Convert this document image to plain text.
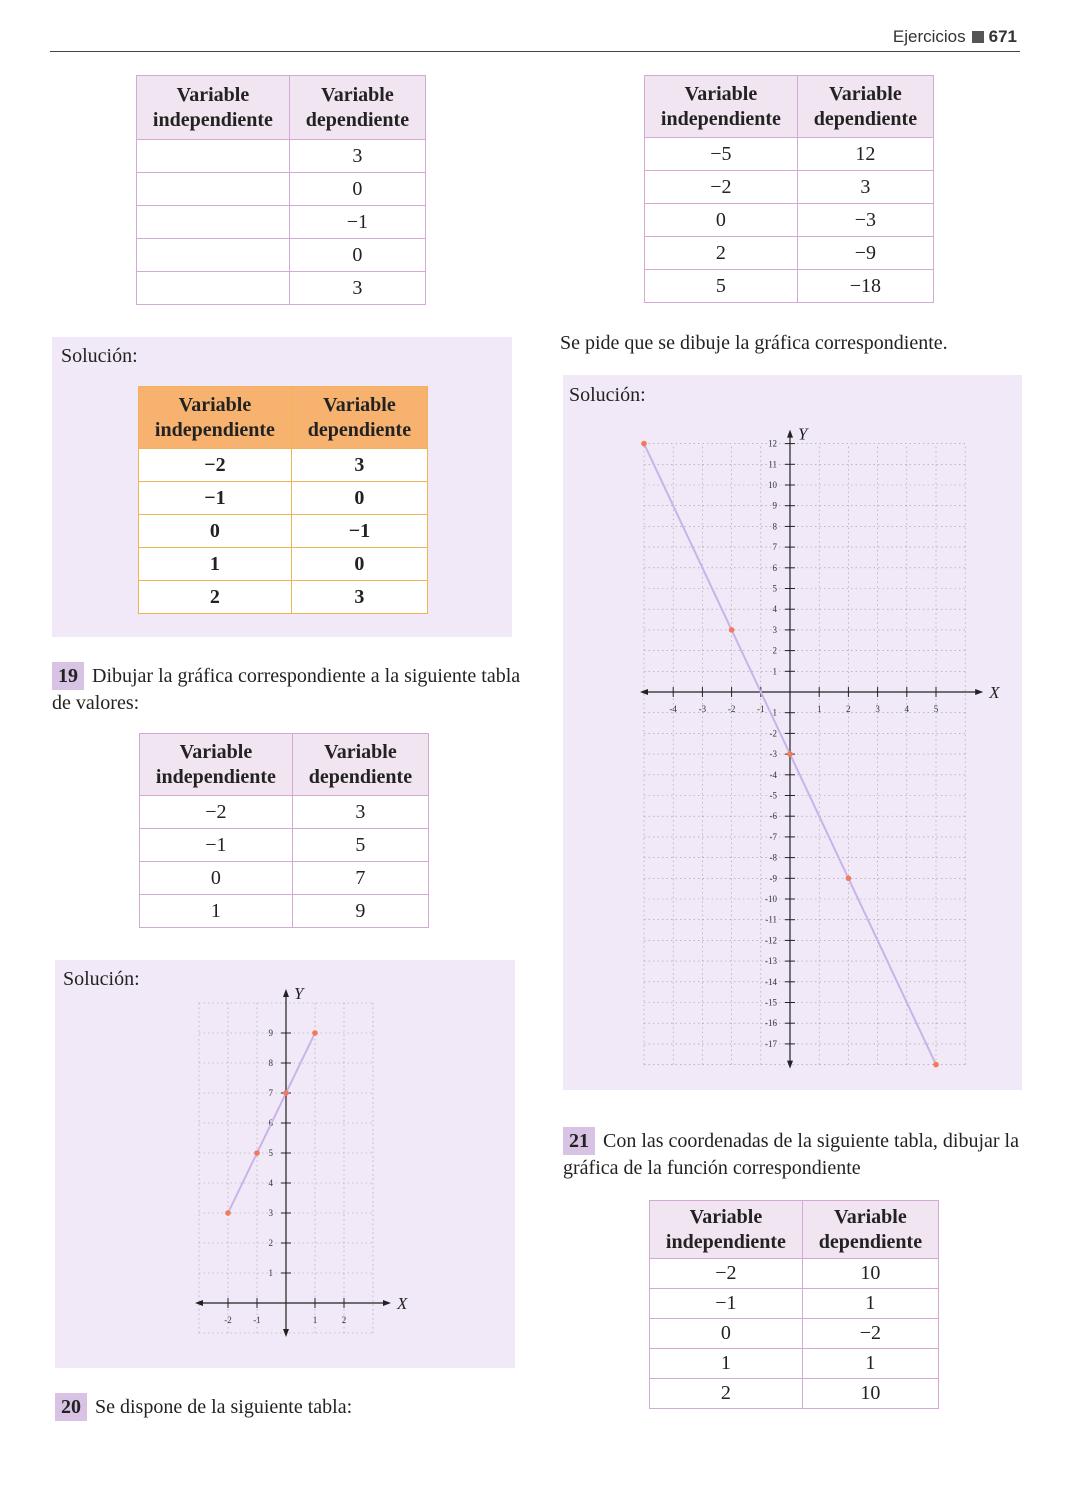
Ejercicios 671
Variable independiente	Variable dependiente
	3
	0
	−1
	0
	3
Solución:
Variable independiente	Variable dependiente
−2	3
−1	0
0	−1
1	0
2	3
19 Dibujar la gráfica correspondiente a la siguiente tabla de valores:
Variable independiente	Variable dependiente
−2	3
−1	5
0	7
1	9
Solución:
X
Y
-2 -1	1	2
1
2
3
4
5
6
7
8
9
20 Se dispone de la siguiente tabla:
Variable independiente	Variable dependiente
−5	12
−2	3
0	−3
2	−9
5	−18
Se pide que se dibuje la gráfica correspondiente.
Solución:
X
Y
-4 -3 -2 -1	1	2	3	4	5
12
11
10
9
8
7
6
5
4
3
2
1
-1
-2
-3
-4
-5
-6
-7
-8
-9
-10
-11
-12
-13
-14
-15
-16
-17
21 Con las coordenadas de la siguiente tabla, dibujar la gráfica de la función correspondiente
Variable independiente	Variable dependiente
−2	10
−1	1
0	−2
1	1
2	10
